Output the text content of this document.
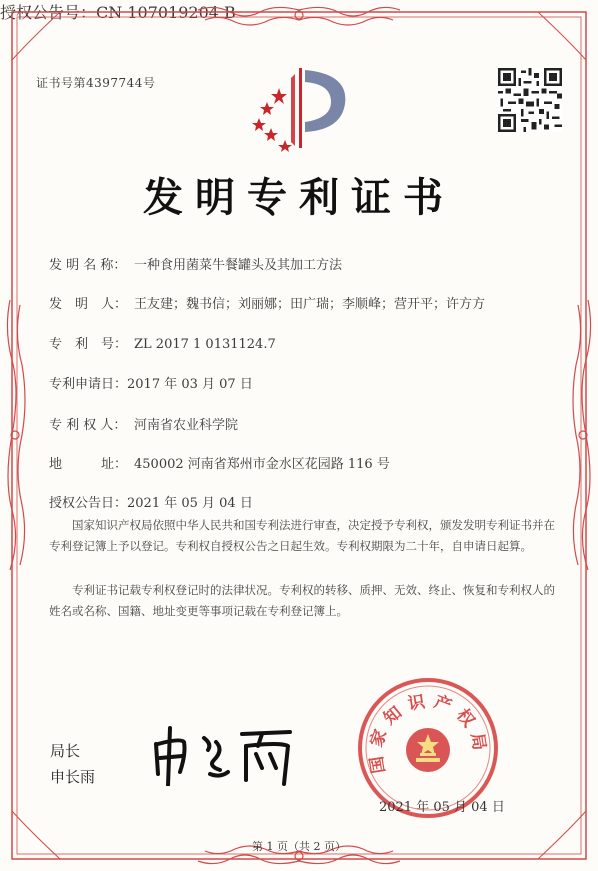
证书号第4397744号
发明专利证书
发 明 名 称： 一种食用菌菜牛餐罐头及其加工方法
发　明　人： 王友建；魏书信；刘丽娜；田广瑞；李顺峰；营开平；许方方
专　利　号： ZL 2017 1 0131124.7
专利申请日：2017 年 03 月 07 日
专 利 权 人： 河南省农业科学院
地　　　址： 450002 河南省郑州市金水区花园路 116 号
授权公告日：2021 年 05 月 04 日
授权公告号：CN 107019204 B
国家知识产权局依照中华人民共和国专利法进行审查，决定授予专利权，颁发发明专利证书并在专利登记簿上予以登记。专利权自授权公告之日起生效。专利权期限为二十年，自申请日起算。
专利证书记载专利权登记时的法律状况。专利权的转移、质押、无效、终止、恢复和专利权人的姓名或名称、国籍、地址变更等事项记载在专利登记簿上。
局长
申长雨
国家知识产权局
2021 年 05 月 04 日
第 1 页（共 2 页）
